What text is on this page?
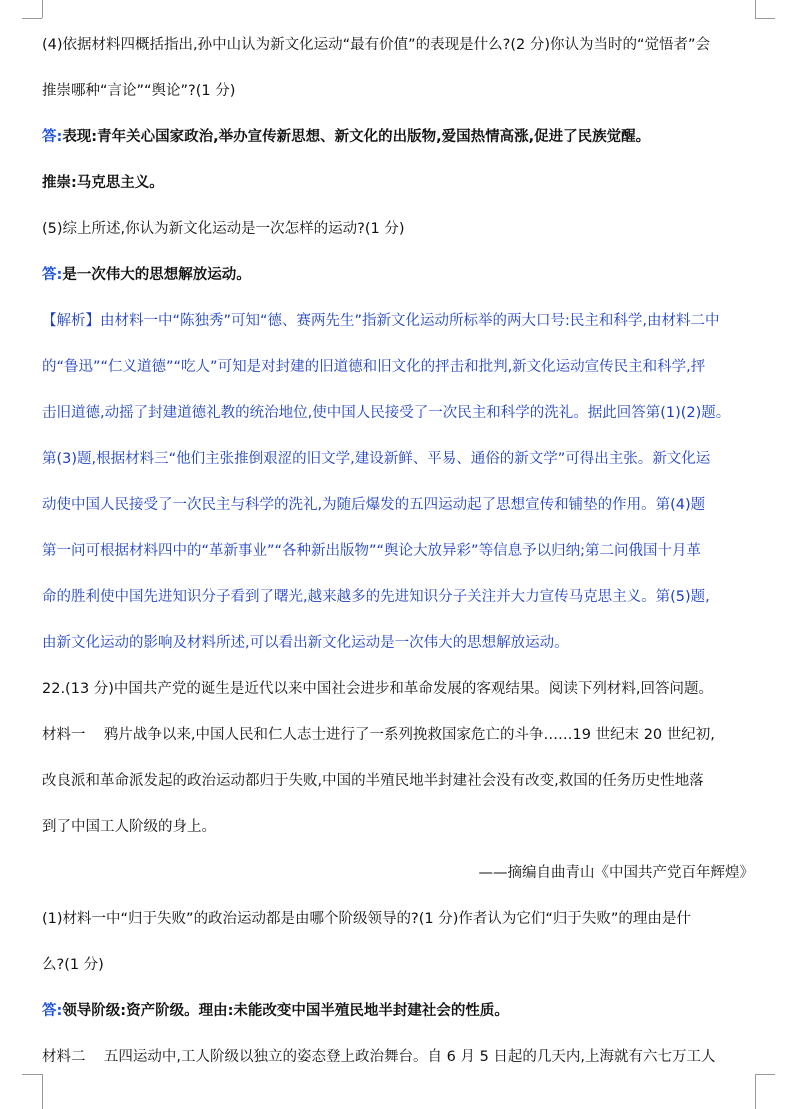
(4)依据材料四概括指出,孙中山认为新文化运动“最有价值”的表现是什么?(2 分)你认为当时的“觉悟者”会

推崇哪种“言论”“舆论”?(1 分)

答:表现:青年关心国家政治,举办宣传新思想、新文化的出版物,爱国热情高涨,促进了民族觉醒。

推崇:马克思主义。

(5)综上所述,你认为新文化运动是一次怎样的运动?(1 分)

答:是一次伟大的思想解放运动。

【解析】由材料一中“陈独秀”可知“德、赛两先生”指新文化运动所标举的两大口号:民主和科学,由材料二中

的“鲁迅”“仁义道德”“吃人”可知是对封建的旧道德和旧文化的抨击和批判,新文化运动宣传民主和科学,抨

击旧道德,动摇了封建道德礼教的统治地位,使中国人民接受了一次民主和科学的洗礼。据此回答第(1)(2)题。

第(3)题,根据材料三“他们主张推倒艰涩的旧文学,建设新鲜、平易、通俗的新文学”可得出主张。新文化运

动使中国人民接受了一次民主与科学的洗礼,为随后爆发的五四运动起了思想宣传和铺垫的作用。第(4)题

第一问可根据材料四中的“革新事业”“各种新出版物”“舆论大放异彩”等信息予以归纳;第二问俄国十月革

命的胜利使中国先进知识分子看到了曙光,越来越多的先进知识分子关注并大力宣传马克思主义。第(5)题,

由新文化运动的影响及材料所述,可以看出新文化运动是一次伟大的思想解放运动。

22.(13 分)中国共产党的诞生是近代以来中国社会进步和革命发展的客观结果。阅读下列材料,回答问题。

材料一    鸦片战争以来,中国人民和仁人志士进行了一系列挽救国家危亡的斗争……19 世纪末 20 世纪初,

改良派和革命派发起的政治运动都归于失败,中国的半殖民地半封建社会没有改变,救国的任务历史性地落

到了中国工人阶级的身上。

——摘编自曲青山《中国共产党百年辉煌》

(1)材料一中“归于失败”的政治运动都是由哪个阶级领导的?(1 分)作者认为它们“归于失败”的理由是什

么?(1 分)

答:领导阶级:资产阶级。理由:未能改变中国半殖民地半封建社会的性质。

材料二    五四运动中,工人阶级以独立的姿态登上政治舞台。自 6 月 5 日起的几天内,上海就有六七万工人
